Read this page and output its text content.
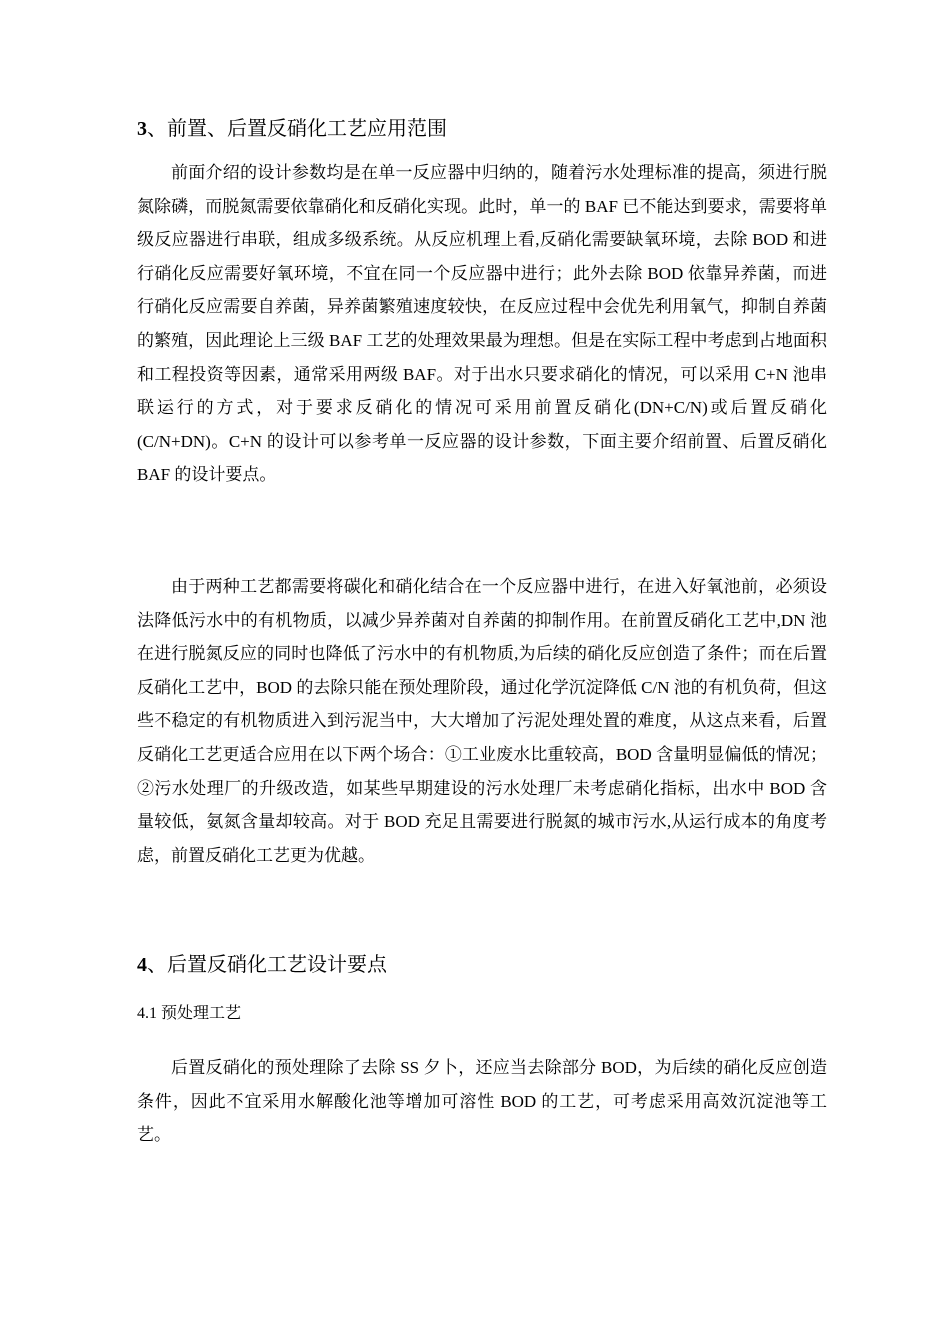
3、前置、后置反硝化工艺应用范围

前面介绍的设计参数均是在单一反应器中归纳的，随着污水处理标准的提高，须进行脱氮除磷，而脱氮需要依靠硝化和反硝化实现。此时，单一的 BAF 已不能达到要求，需要将单级反应器进行串联，组成多级系统。从反应机理上看,反硝化需要缺氧环境，去除 BOD 和进行硝化反应需要好氧环境，不宜在同一个反应器中进行；此外去除 BOD 依靠异养菌，而进行硝化反应需要自养菌，异养菌繁殖速度较快，在反应过程中会优先利用氧气，抑制自养菌的繁殖，因此理论上三级 BAF 工艺的处理效果最为理想。但是在实际工程中考虑到占地面积和工程投资等因素，通常采用两级 BAF。对于出水只要求硝化的情况，可以采用 C+N 池串联运行的方式，对于要求反硝化的情况可采用前置反硝化(DN+C/N)或后置反硝化(C/N+DN)。C+N 的设计可以参考单一反应器的设计参数，下面主要介绍前置、后置反硝化 BAF 的设计要点。

由于两种工艺都需要将碳化和硝化结合在一个反应器中进行，在进入好氧池前，必须设法降低污水中的有机物质，以减少异养菌对自养菌的抑制作用。在前置反硝化工艺中,DN 池在进行脱氮反应的同时也降低了污水中的有机物质,为后续的硝化反应创造了条件；而在后置反硝化工艺中，BOD 的去除只能在预处理阶段，通过化学沉淀降低 C/N 池的有机负荷，但这些不稳定的有机物质进入到污泥当中，大大增加了污泥处理处置的难度，从这点来看，后置反硝化工艺更适合应用在以下两个场合：①工业废水比重较高，BOD 含量明显偏低的情况；②污水处理厂的升级改造，如某些早期建设的污水处理厂未考虑硝化指标，出水中 BOD 含量较低，氨氮含量却较高。对于 BOD 充足且需要进行脱氮的城市污水,从运行成本的角度考虑，前置反硝化工艺更为优越。

4、后置反硝化工艺设计要点
4.1 预处理工艺

后置反硝化的预处理除了去除 SS 夕卜，还应当去除部分 BOD，为后续的硝化反应创造条件，因此不宜采用水解酸化池等增加可溶性 BOD 的工艺，可考虑采用高效沉淀池等工艺。
